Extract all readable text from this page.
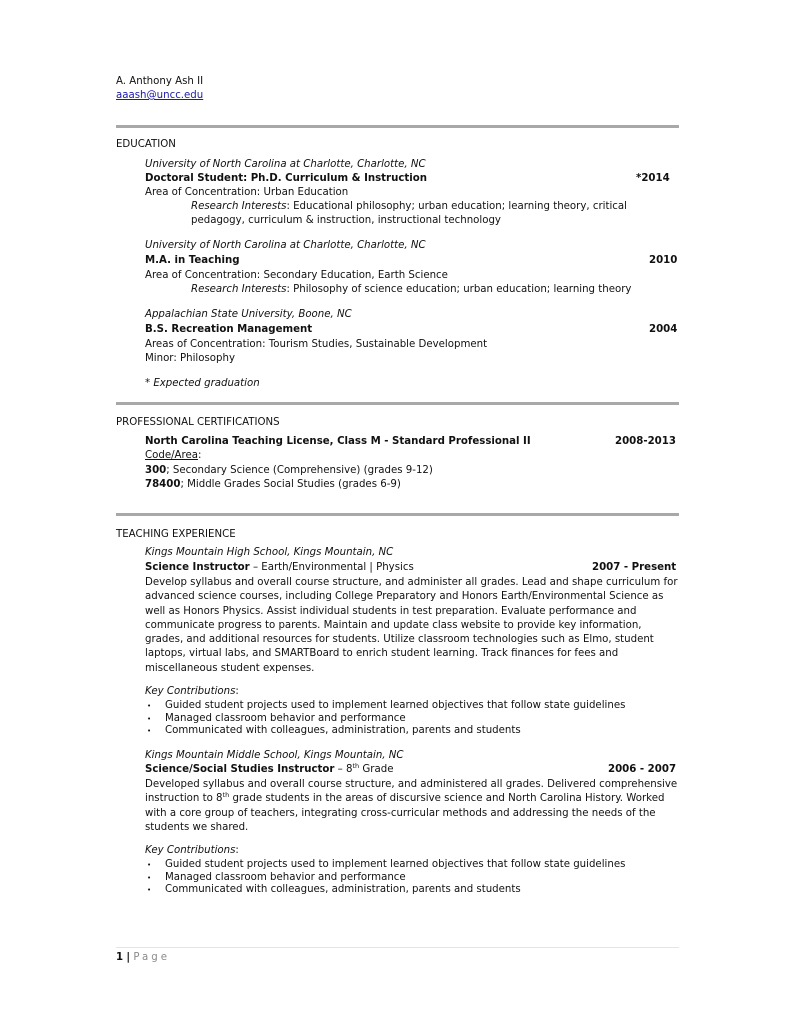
A. Anthony Ash II
aaash@uncc.edu
EDUCATION
University of North Carolina at Charlotte, Charlotte, NC
Doctoral Student: Ph.D. Curriculum & Instruction	*2014
Area of Concentration: Urban Education
Research Interests: Educational philosophy; urban education; learning theory, critical
pedagogy, curriculum & instruction, instructional technology
University of North Carolina at Charlotte, Charlotte, NC
M.A. in Teaching	2010
Area of Concentration: Secondary Education, Earth Science
Research Interests: Philosophy of science education; urban education; learning theory
Appalachian State University, Boone, NC
B.S. Recreation Management	2004
Areas of Concentration: Tourism Studies, Sustainable Development
Minor: Philosophy
* Expected graduation
PROFESSIONAL CERTIFICATIONS
North Carolina Teaching License, Class M - Standard Professional II	2008-2013
Code/Area:
300; Secondary Science (Comprehensive) (grades 9-12)
78400; Middle Grades Social Studies (grades 6-9)
TEACHING EXPERIENCE
Kings Mountain High School, Kings Mountain, NC
Science Instructor – Earth/Environmental | Physics	2007 - Present
Develop syllabus and overall course structure, and administer all grades. Lead and shape curriculum for advanced science courses, including College Preparatory and Honors Earth/Environmental Science as well as Honors Physics. Assist individual students in test preparation. Evaluate performance and communicate progress to parents. Maintain and update class website to provide key information, grades, and additional resources for students. Utilize classroom technologies such as Elmo, student laptops, virtual labs, and SMARTBoard to enrich student learning. Track finances for fees and miscellaneous student expenses.
Key Contributions:
• Guided student projects used to implement learned objectives that follow state guidelines
• Managed classroom behavior and performance
• Communicated with colleagues, administration, parents and students
Kings Mountain Middle School, Kings Mountain, NC
Science/Social Studies Instructor – 8th Grade	2006 - 2007
Developed syllabus and overall course structure, and administered all grades. Delivered comprehensive instruction to 8th grade students in the areas of discursive science and North Carolina History. Worked with a core group of teachers, integrating cross-curricular methods and addressing the needs of the students we shared.
Key Contributions:
• Guided student projects used to implement learned objectives that follow state guidelines
• Managed classroom behavior and performance
• Communicated with colleagues, administration, parents and students
1 | Page
